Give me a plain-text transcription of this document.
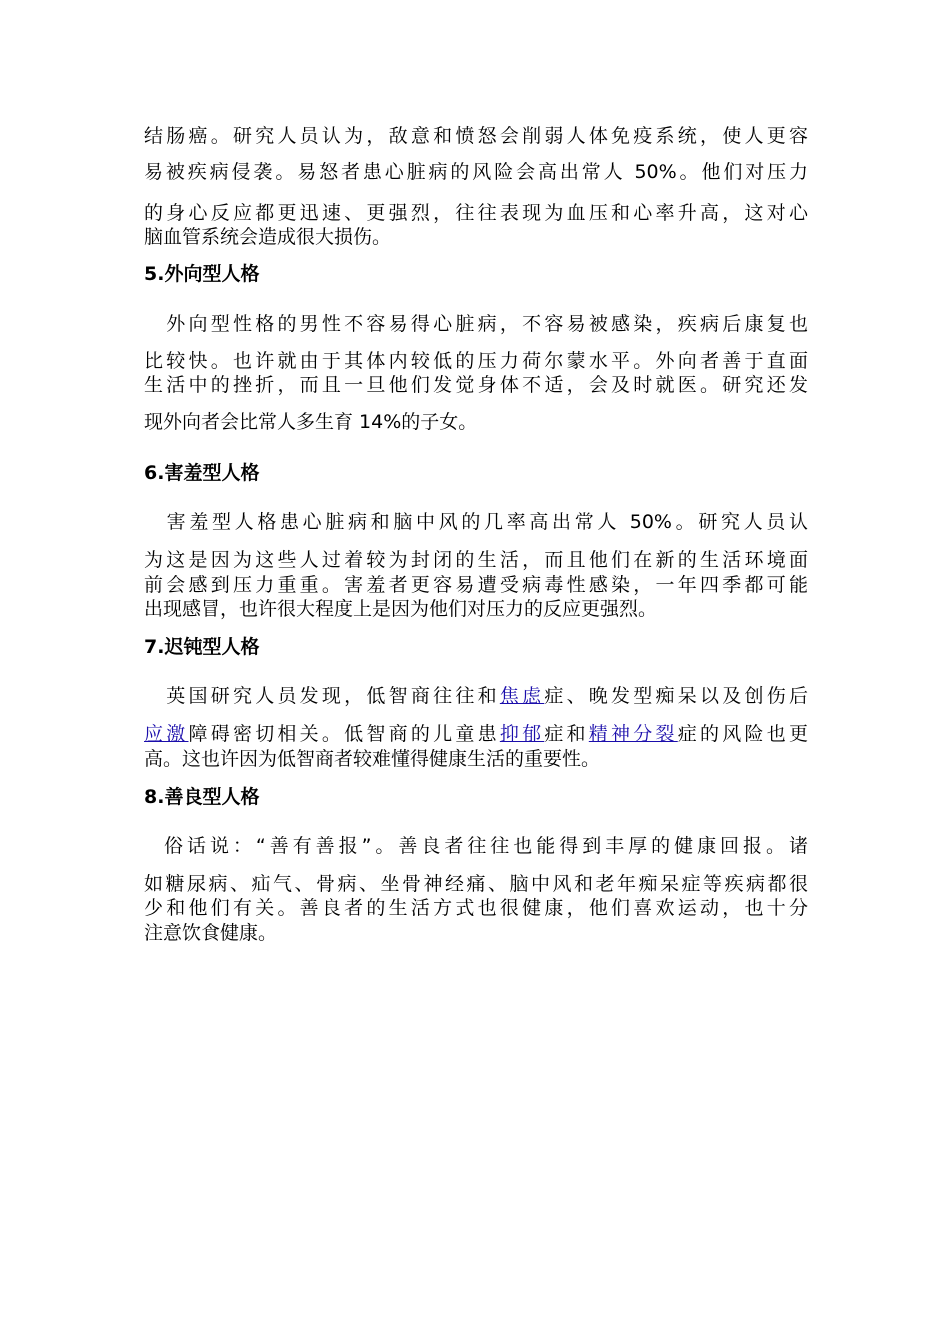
结肠癌。研究人员认为，敌意和愤怒会削弱人体免疫系统，使人更容
易被疾病侵袭。易怒者患心脏病的风险会高出常人 50%。他们对压力
的身心反应都更迅速、更强烈，往往表现为血压和心率升高，这对心
脑血管系统会造成很大损伤。
5.外向型人格
　外向型性格的男性不容易得心脏病，不容易被感染，疾病后康复也
比较快。也许就由于其体内较低的压力荷尔蒙水平。外向者善于直面
生活中的挫折，而且一旦他们发觉身体不适，会及时就医。研究还发
现外向者会比常人多生育 14%的子女。
6.害羞型人格
　害羞型人格患心脏病和脑中风的几率高出常人 50%。研究人员认
为这是因为这些人过着较为封闭的生活，而且他们在新的生活环境面
前会感到压力重重。害羞者更容易遭受病毒性感染，一年四季都可能
出现感冒，也许很大程度上是因为他们对压力的反应更强烈。
7.迟钝型人格
　英国研究人员发现，低智商往往和焦虑症、晚发型痴呆以及创伤后
应激障碍密切相关。低智商的儿童患抑郁症和精神分裂症的风险也更
高。这也许因为低智商者较难懂得健康生活的重要性。
8.善良型人格
俗话说：“善有善报”。善良者往往也能得到丰厚的健康回报。诸
如糖尿病、疝气、骨病、坐骨神经痛、脑中风和老年痴呆症等疾病都很
少和他们有关。善良者的生活方式也很健康，他们喜欢运动，也十分
注意饮食健康。
